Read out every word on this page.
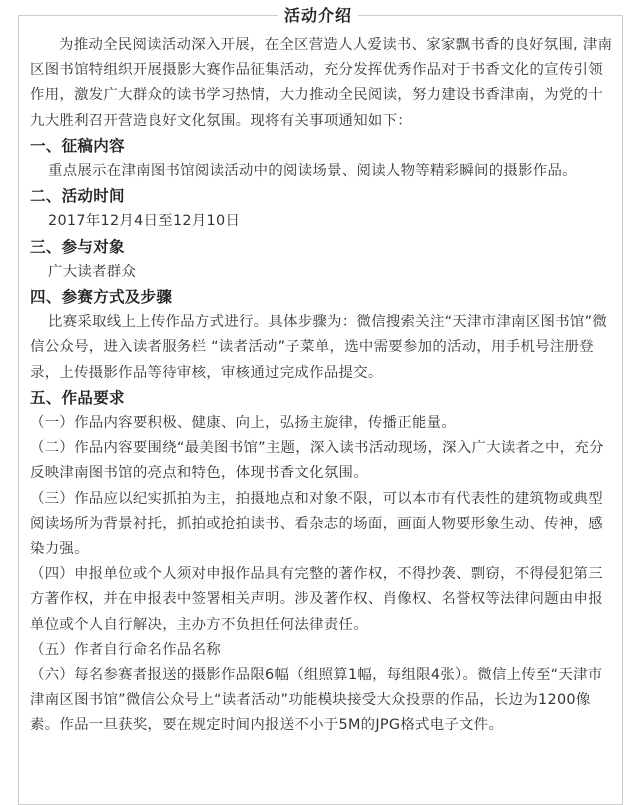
活动介绍

为推动全民阅读活动深入开展，在全区营造人人爱读书、家家飘书香的良好氛围, 津南区图书馆特组织开展摄影大赛作品征集活动，充分发挥优秀作品对于书香文化的宣传引领作用，激发广大群众的读书学习热情，大力推动全民阅读，努力建设书香津南，为党的十九大胜利召开营造良好文化氛围。现将有关事项通知如下：

一、征稿内容

重点展示在津南图书馆阅读活动中的阅读场景、阅读人物等精彩瞬间的摄影作品。

二、活动时间

2017年12月4日至12月10日

三、参与对象

广大读者群众

四、参赛方式及步骤

比赛采取线上上传作品方式进行。具体步骤为：微信搜索关注“天津市津南区图书馆”微信公众号，进入读者服务栏 “读者活动”子菜单，选中需要参加的活动，用手机号注册登录，上传摄影作品等待审核，审核通过完成作品提交。

五、作品要求

（一）作品内容要积极、健康、向上，弘扬主旋律，传播正能量。

（二）作品内容要围绕“最美图书馆”主题，深入读书活动现场，深入广大读者之中，充分反映津南图书馆的亮点和特色，体现书香文化氛围。

（三）作品应以纪实抓拍为主，拍摄地点和对象不限，可以本市有代表性的建筑物或典型阅读场所为背景衬托，抓拍或抢拍读书、看杂志的场面，画面人物要形象生动、传神，感染力强。

（四）申报单位或个人须对申报作品具有完整的著作权，不得抄袭、剽窃，不得侵犯第三方著作权，并在申报表中签署相关声明。涉及著作权、肖像权、名誉权等法律问题由申报单位或个人自行解决，主办方不负担任何法律责任。

（五）作者自行命名作品名称

（六）每名参赛者报送的摄影作品限6幅（组照算1幅，每组限4张）。微信上传至“天津市津南区图书馆”微信公众号上“读者活动”功能模块接受大众投票的作品，长边为1200像素。作品一旦获奖，要在规定时间内报送不小于5M的JPG格式电子文件。
